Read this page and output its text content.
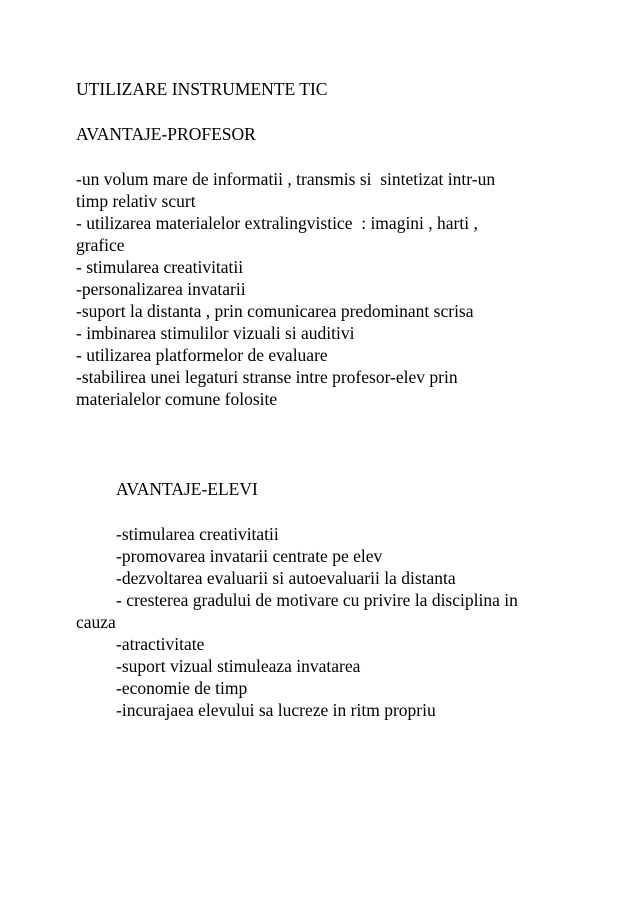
UTILIZARE INSTRUMENTE TIC
AVANTAJE-PROFESOR
-un volum mare de informatii , transmis si  sintetizat intr-un
timp relativ scurt
- utilizarea materialelor extralingvistice  : imagini , harti ,
grafice
- stimularea creativitatii
-personalizarea invatarii
-suport la distanta , prin comunicarea predominant scrisa
- imbinarea stimulilor vizuali si auditivi
- utilizarea platformelor de evaluare
-stabilirea unei legaturi stranse intre profesor-elev prin
materialelor comune folosite
AVANTAJE-ELEVI
-stimularea creativitatii
-promovarea invatarii centrate pe elev
-dezvoltarea evaluarii si autoevaluarii la distanta
- cresterea gradului de motivare cu privire la disciplina in
cauza
-atractivitate
-suport vizual stimuleaza invatarea
-economie de timp
-incurajaea elevului sa lucreze in ritm propriu
